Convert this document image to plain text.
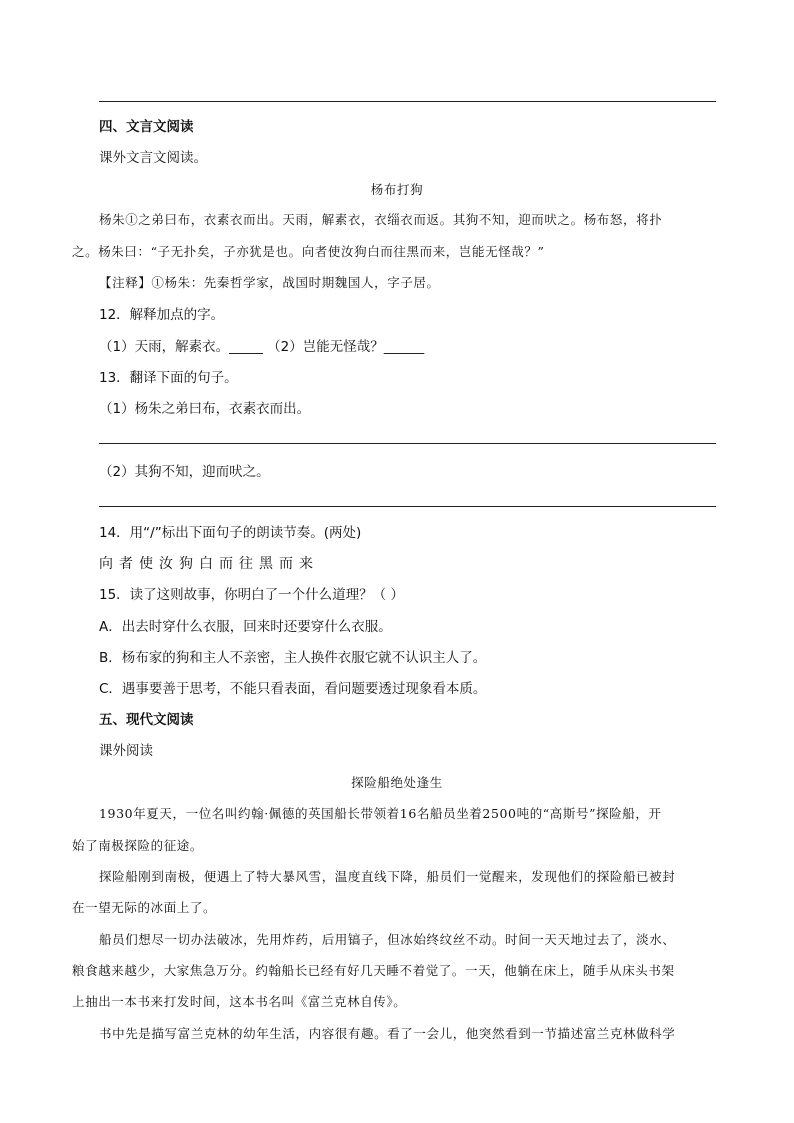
四、文言文阅读
课外文言文阅读。
杨布打狗
杨朱①之弟曰布，衣素衣而出。天雨，解素衣，衣缁衣而返。其狗不知，迎而吠之。杨布怒，将扑
之。杨朱曰：“子无扑矣，子亦犹是也。向者使汝狗白而往黑而来，岂能无怪哉？”
【注释】①杨朱：先秦哲学家，战国时期魏国人，字子居。
12．解释加点的字。
（1）天雨，解素衣。_____ （2）岂能无怪哉？______
13．翻译下面的句子。
（1）杨朱之弟曰布，衣素衣而出。
（2）其狗不知，迎而吠之。
14．用“/”标出下面句子的朗读节奏。(两处)
向者使汝狗白而往黑而来
15．读了这则故事，你明白了一个什么道理？（ ）
A．出去时穿什么衣服，回来时还要穿什么衣服。
B．杨布家的狗和主人不亲密，主人换件衣服它就不认识主人了。
C．遇事要善于思考，不能只看表面，看问题要透过现象看本质。
五、现代文阅读
课外阅读
探险船绝处逢生
1930年夏天，一位名叫约翰·佩德的英国船长带领着16名船员坐着2500吨的“高斯号”探险船，开
始了南极探险的征途。
探险船刚到南极，便遇上了特大暴风雪，温度直线下降，船员们一觉醒来，发现他们的探险船已被封
在一望无际的冰面上了。
船员们想尽一切办法破冰，先用炸药，后用镐子，但冰始终纹丝不动。时间一天天地过去了，淡水、
粮食越来越少，大家焦急万分。约翰船长已经有好几天睡不着觉了。一天，他躺在床上，随手从床头书架
上抽出一本书来打发时间，这本书名叫《富兰克林自传》。
书中先是描写富兰克林的幼年生活，内容很有趣。看了一会儿，他突然看到一节描述富兰克林做科学
